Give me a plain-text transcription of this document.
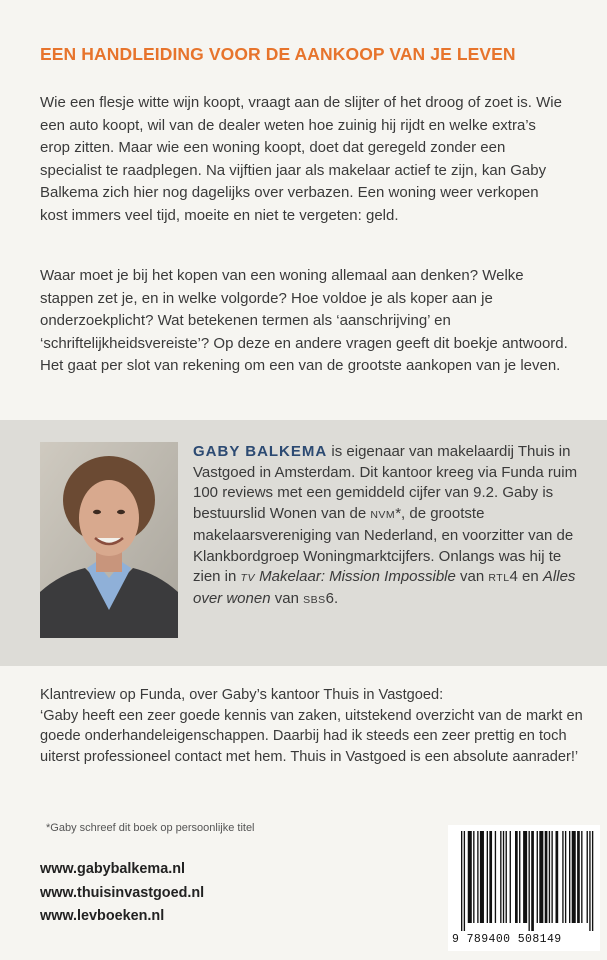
EEN HANDLEIDING VOOR DE AANKOOP VAN JE LEVEN

Wie een flesje witte wijn koopt, vraagt aan de slijter of het droog of zoet is. Wie een auto koopt, wil van de dealer weten hoe zuinig hij rijdt en welke extra’s erop zitten. Maar wie een woning koopt, doet dat geregeld zonder een specialist te raadplegen. Na vijftien jaar als makelaar actief te zijn, kan Gaby Balkema zich hier nog dagelijks over verbazen. Een woning weer verkopen kost immers veel tijd, moeite en niet te vergeten: geld.

Waar moet je bij het kopen van een woning allemaal aan denken? Welke stappen zet je, en in welke volgorde? Hoe voldoe je als koper aan je onderzoekplicht? Wat betekenen termen als ‘aanschrijving’ en ‘schriftelijkheidsvereiste’? Op deze en andere vragen geeft dit boekje antwoord. Het gaat per slot van rekening om een van de grootste aankopen van je leven.

GABY BALKEMA is eigenaar van makelaardij Thuis in Vastgoed in Amsterdam. Dit kantoor kreeg via Funda ruim 100 reviews met een gemiddeld cijfer van 9.2. Gaby is bestuurslid Wonen van de NVM*, de grootste makelaarsvereniging van Nederland, en voorzitter van de Klankbordgroep Woningmarktcijfers. Onlangs was hij te zien in TV Makelaar: Mission Impossible van RTL4 en Alles over wonen van SBS6.

Klantreview op Funda, over Gaby’s kantoor Thuis in Vastgoed:
‘Gaby heeft een zeer goede kennis van zaken, uitstekend overzicht van de markt en goede onderhandeleigenschappen. Daarbij had ik steeds een zeer prettig en toch uiterst professioneel contact met hem. Thuis in Vastgoed is een absolute aanrader!’

*Gaby schreef dit boek op persoonlijke titel
www.gabybalkema.nl
www.thuisinvastgoed.nl
www.levboeken.nl
9 789400 508149
